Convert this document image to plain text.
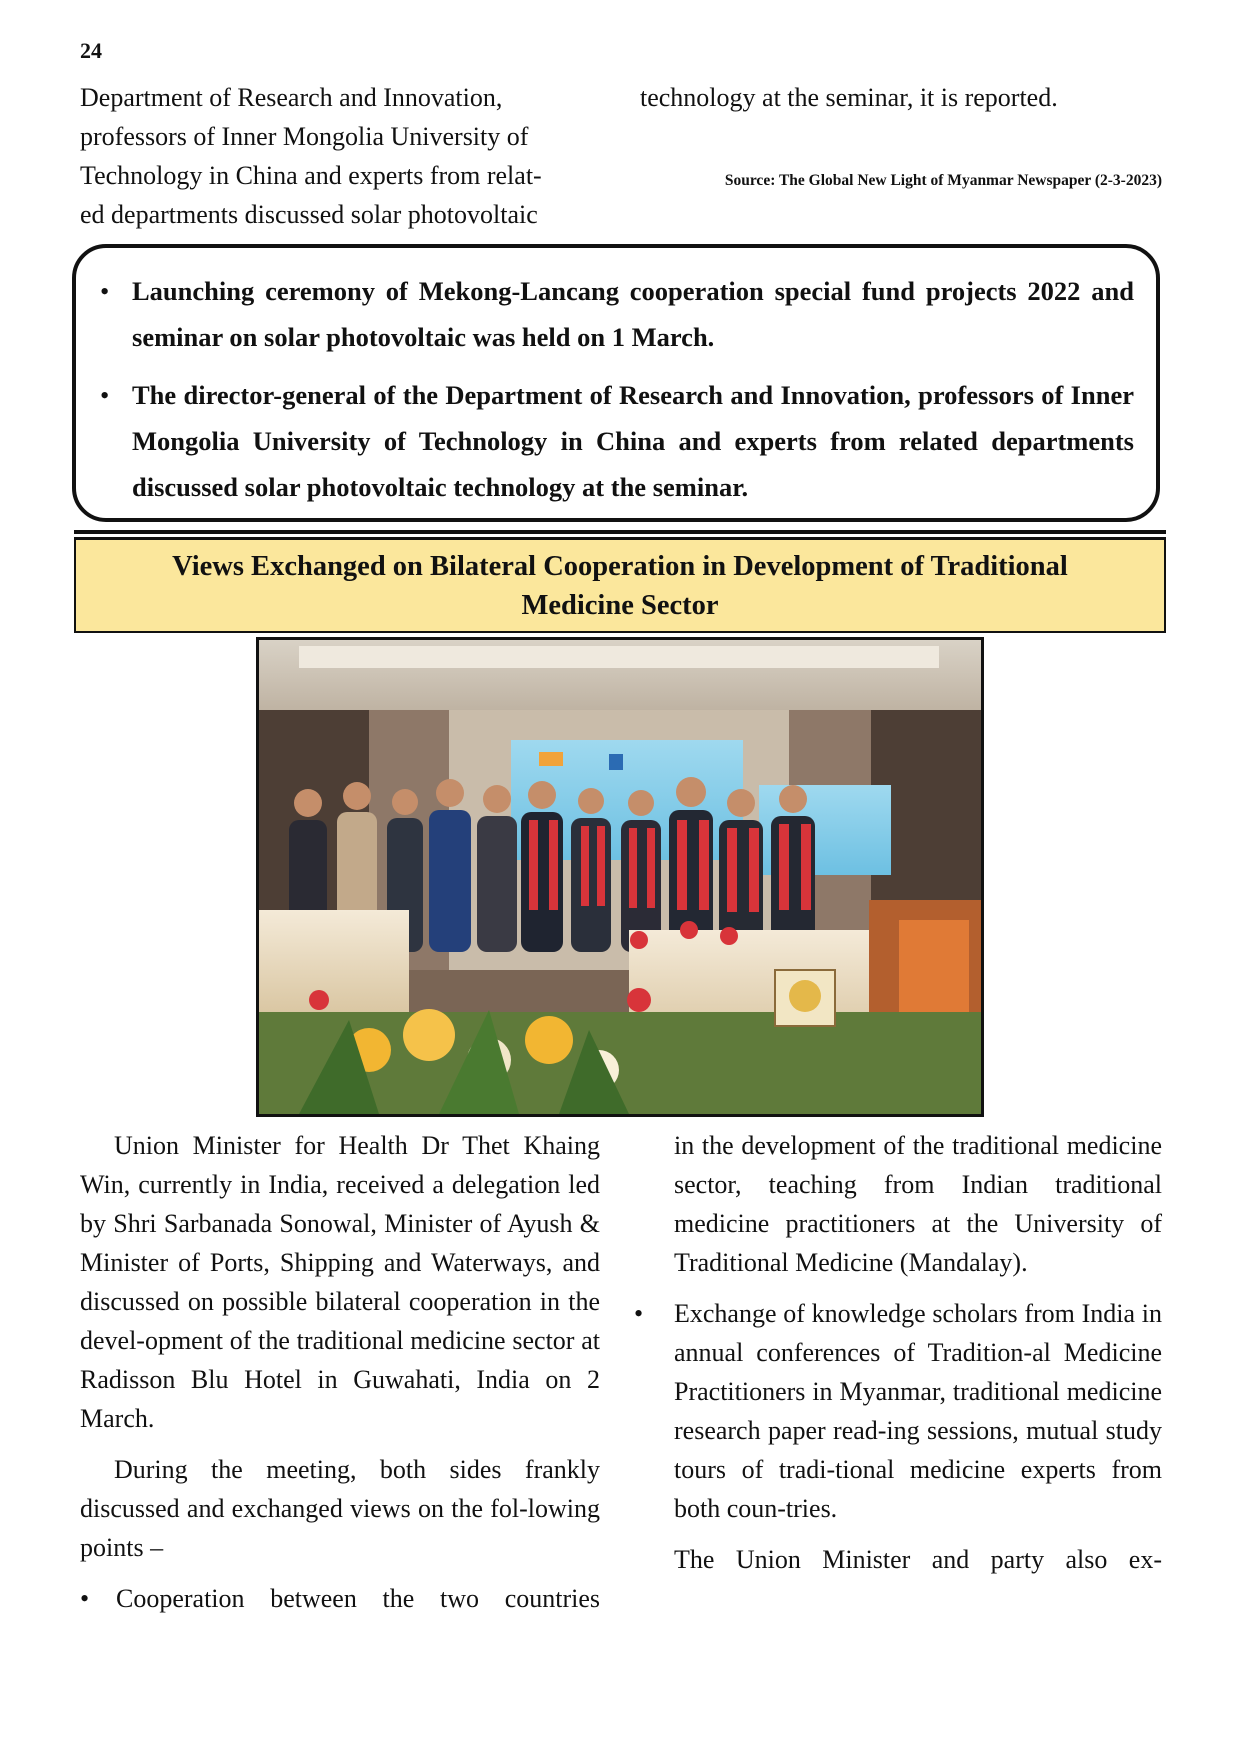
24

Department of Research and Innovation,

professors of Inner Mongolia University of

Technology in China and experts from relat-

ed departments discussed solar photovoltaic

technology at the seminar, it is reported.

Source: The Global New Light of Myanmar Newspaper (2-3-2023)
• Launching ceremony of Mekong-Lancang cooperation special fund projects 2022 and seminar on solar photovoltaic was held on 1 March.
• The director-general of the Department of Research and Innovation, professors of Inner Mongolia University of Technology in China and experts from related departments discussed solar photovoltaic technology at the seminar.
Views Exchanged on Bilateral Cooperation in Development of Traditional Medicine Sector

Union Minister for Health Dr Thet Khaing Win, currently in India, received a delegation led by Shri Sarbanada Sonowal, Minister of Ayush & Minister of Ports, Shipping and Waterways, and discussed on possible bilateral cooperation in the devel-opment of the traditional medicine sector at Radisson Blu Hotel in Guwahati, India on 2 March.

During the meeting, both sides frankly discussed and exchanged views on the fol-lowing points –

• Cooperation between the two countries

in the development of the traditional medicine sector, teaching from Indian traditional medicine practitioners at the University of Traditional Medicine (Mandalay).

• Exchange of knowledge scholars from India in annual conferences of Tradition-al Medicine Practitioners in Myanmar, traditional medicine research paper read-ing sessions, mutual study tours of tradi-tional medicine experts from both coun-tries.

The Union Minister and party also ex-
